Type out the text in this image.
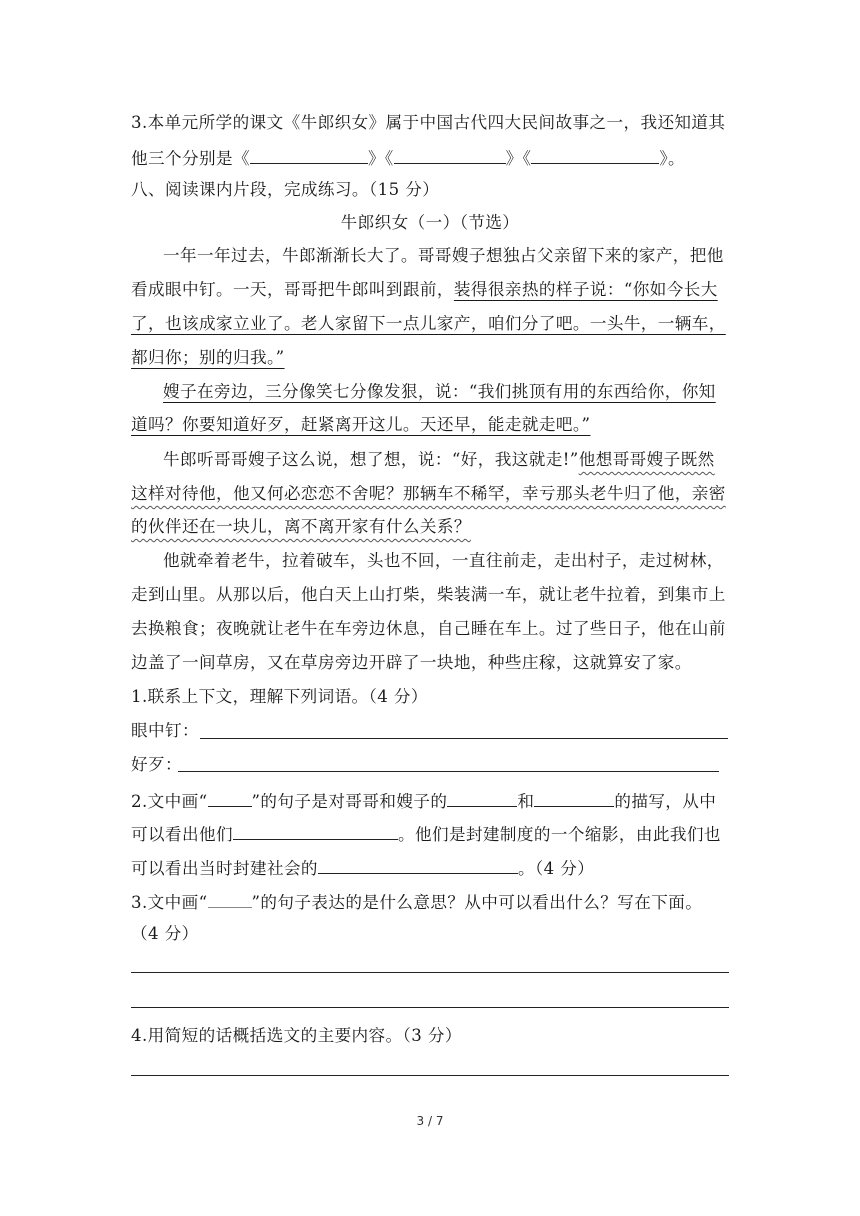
3.本单元所学的课文《牛郎织女》属于中国古代四大民间故事之一，我还知道其
他三个分别是《	》《	》《	》。
八、阅读课内片段，完成练习。（15 分）
牛郎织女（一）（节选）
一年一年过去，牛郎渐渐长大了。哥哥嫂子想独占父亲留下来的家产，把他
看成眼中钉。一天，哥哥把牛郎叫到跟前，装得很亲热的样子说：“你如今长大
了，也该成家立业了。老人家留下一点儿家产，咱们分了吧。一头牛，一辆车，
都归你；别的归我。”
嫂子在旁边，三分像笑七分像发狠，说：“我们挑顶有用的东西给你，你知
道吗？你要知道好歹，赶紧离开这儿。天还早，能走就走吧。”
牛郎听哥哥嫂子这么说，想了想，说：“好，我这就走!”他想哥哥嫂子既然
这样对待他，他又何必恋恋不舍呢？那辆车不稀罕，幸亏那头老牛归了他，亲密
的伙伴还在一块儿，离不离开家有什么关系？
他就牵着老牛，拉着破车，头也不回，一直往前走，走出村子，走过树林，
走到山里。从那以后，他白天上山打柴，柴装满一车，就让老牛拉着，到集市上
去换粮食；夜晚就让老牛在车旁边休息，自己睡在车上。过了些日子，他在山前
边盖了一间草房，又在草房旁边开辟了一块地，种些庄稼，这就算安了家。
1.联系上下文，理解下列词语。（4 分）
眼中钉：
好歹：
2.文中画“	”的句子是对哥哥和嫂子的	和	的描写，从中
可以看出他们	。他们是封建制度的一个缩影，由此我们也
可以看出当时封建社会的	。（4 分）
3.文中画“	”的句子表达的是什么意思？从中可以看出什么？写在下面。
（4 分）
4.用简短的话概括选文的主要内容。（3 分）
3 / 7
